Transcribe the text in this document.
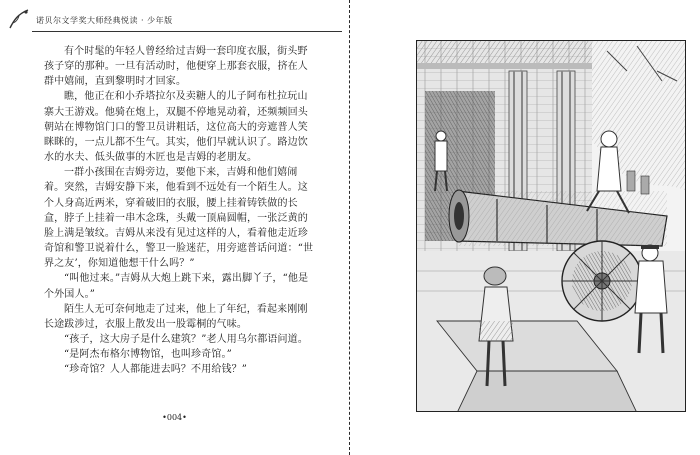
诺贝尔文学奖大师经典悦读 · 少年版

有个时髦的年轻人曾经给过吉姆一套印度衣服，街头野孩子穿的那种。一旦有活动时，他便穿上那套衣服，挤在人群中嬉闹，直到黎明时才回家。

瞧，他正在和小乔塔拉尔及卖糖人的儿子阿布杜拉玩山寨大王游戏。他骑在炮上，双腿不停地晃动着，还频频回头朝站在博物馆门口的警卫员讲粗话，这位高大的旁遮普人笑眯眯的，一点儿都不生气。其实，他们早就认识了。路边饮水的水夫、低头做事的木匠也是吉姆的老朋友。

一群小孩围在吉姆旁边，要他下来，吉姆和他们嬉闹着。突然，吉姆安静下来，他看到不远处有一个陌生人。这个人身高近两米，穿着破旧的衣服，腰上挂着铸铁做的长盒，脖子上挂着一串木念珠，头戴一顶扁圆帽，一张泛黄的脸上满是皱纹。吉姆从来没有见过这样的人，看着他走近珍奇馆和警卫说着什么，警卫一脸迷茫，用旁遮普话问道：“世界之友’，你知道他想干什么吗？”

“叫他过来。”吉姆从大炮上跳下来，露出脚丫子，“他是个外国人。”

陌生人无可奈何地走了过来，他上了年纪，看起来刚刚长途跋涉过，衣服上散发出一股霉桐的气味。

“孩子，这大房子是什么建筑？”老人用乌尔都语问道。

“是阿杰布格尔博物馆，也叫珍奇馆。”

“珍奇馆？人人都能进去吗？不用给钱？”

•004•
